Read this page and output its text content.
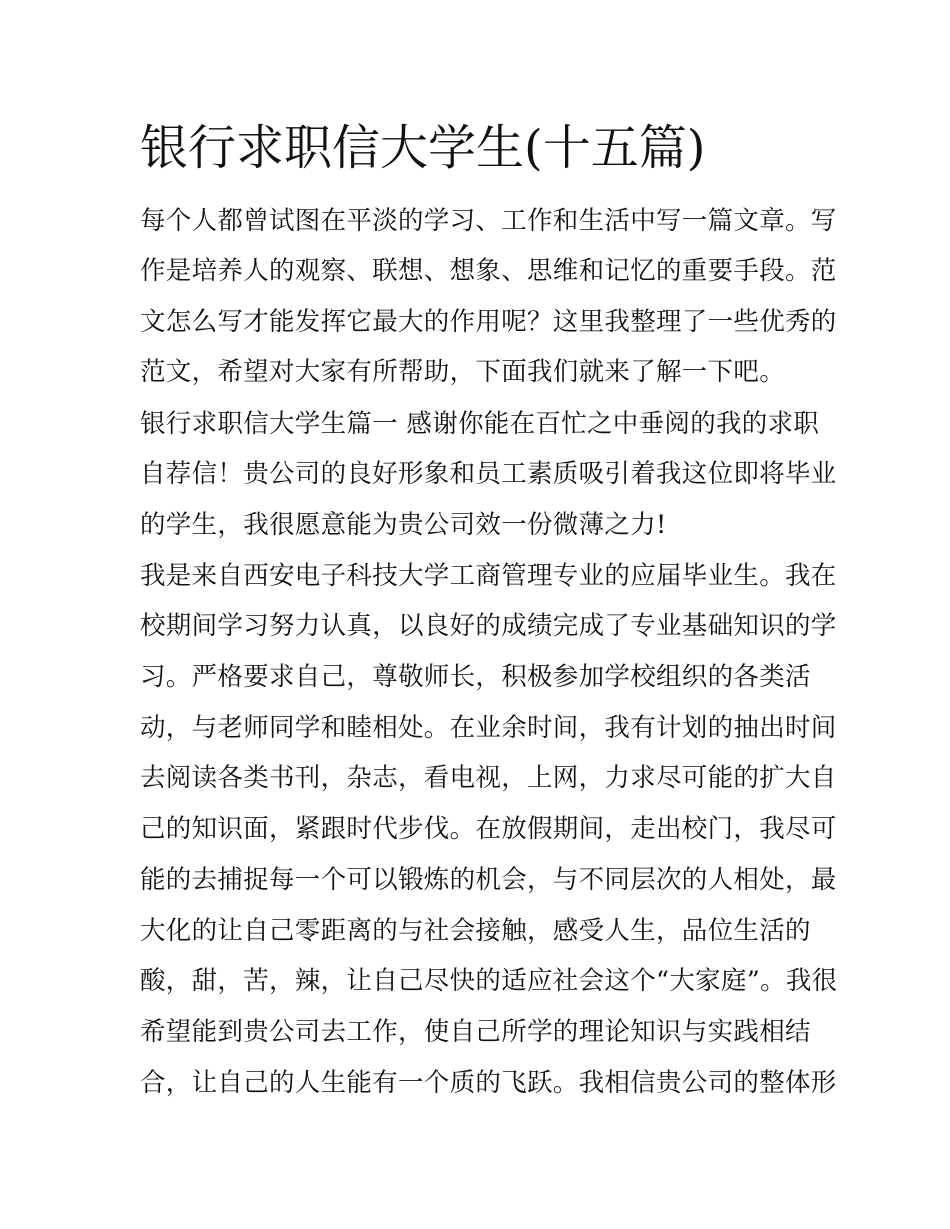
银行求职信大学生(十五篇)

每个人都曾试图在平淡的学习、工作和生活中写一篇文章。写

作是培养人的观察、联想、想象、思维和记忆的重要手段。范

文怎么写才能发挥它最大的作用呢？这里我整理了一些优秀的

范文，希望对大家有所帮助，下面我们就来了解一下吧。

银行求职信大学生篇一 感谢你能在百忙之中垂阅的我的求职

自荐信！贵公司的良好形象和员工素质吸引着我这位即将毕业

的学生，我很愿意能为贵公司效一份微薄之力!

我是来自西安电子科技大学工商管理专业的应届毕业生。我在

校期间学习努力认真，以良好的成绩完成了专业基础知识的学

习。严格要求自己，尊敬师长，积极参加学校组织的各类活

动，与老师同学和睦相处。在业余时间，我有计划的抽出时间

去阅读各类书刊，杂志，看电视，上网，力求尽可能的扩大自

己的知识面，紧跟时代步伐。在放假期间，走出校门，我尽可

能的去捕捉每一个可以锻炼的机会，与不同层次的人相处，最

大化的让自己零距离的与社会接触，感受人生，品位生活的

酸，甜，苦，辣，让自己尽快的适应社会这个“大家庭”。我很

希望能到贵公司去工作，使自己所学的理论知识与实践相结

合，让自己的人生能有一个质的飞跃。我相信贵公司的整体形
